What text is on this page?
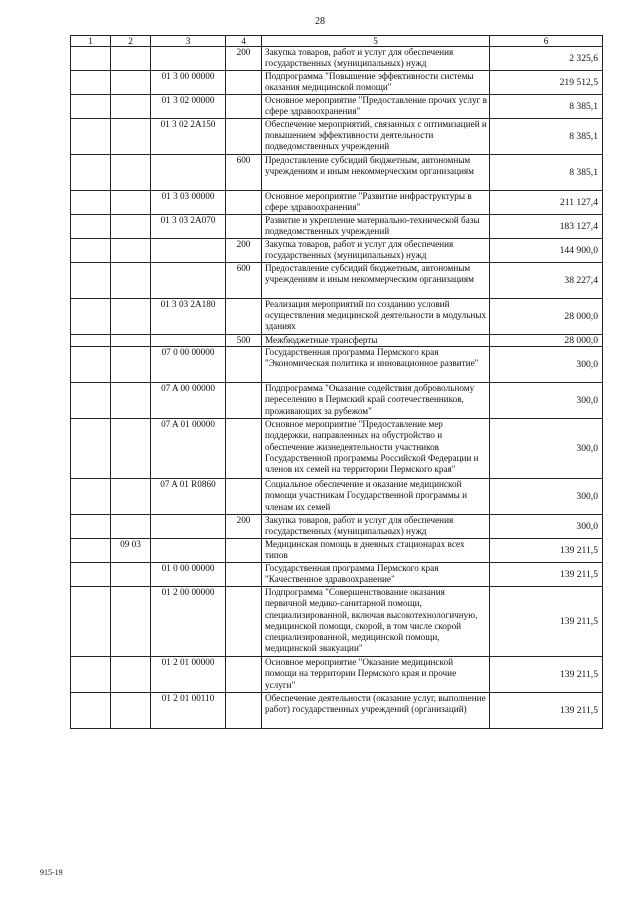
28
1	2	3	4	5	6
			200	Закупка товаров, работ и услуг для обеспечения государственных (муниципальных) нужд	2 325,6
		01 3 00 00000		Подпрограмма "Повышение эффективности системы оказания медицинской помощи"	219 512,5
		01 3 02 00000		Основное мероприятие "Предоставление прочих услуг в сфере здравоохранения"	8 385,1
		01 3 02 2A150		Обеспечение мероприятий, связанных с оптимизацией и повышением эффективности деятельности подведомственных учреждений	8 385,1
			600	Предоставление субсидий бюджетным, автономным учреждениям и иным некоммерческим организациям	8 385,1
		01 3 03 00000		Основное мероприятие "Развитие инфраструктуры в сфере здравоохранения"	211 127,4
		01 3 03 2A070		Развитие и укрепление материально-технической базы подведомственных учреждений	183 127,4
			200	Закупка товаров, работ и услуг для обеспечения государственных (муниципальных) нужд	144 900,0
			600	Предоставление субсидий бюджетным, автономным учреждениям и иным некоммерческим организациям	38 227,4
		01 3 03 2A180		Реализация мероприятий по созданию условий осуществления медицинской деятельности в модульных зданиях	28 000,0
			500	Межбюджетные трансферты	28 000,0
		07 0 00 00000		Государственная программа Пермского края "Экономическая политика и инновационное развитие"	300,0
		07 A 00 00000		Подпрограмма "Оказание содействия добровольному переселению в Пермский край соотечественников, проживающих за рубежом"	300,0
		07 A 01 00000		Основное мероприятие "Предоставление мер поддержки, направленных на обустройство и обеспечение жизнедеятельности участников Государственной программы Российской Федерации и членов их семей на территории Пермского края"	300,0
		07 A 01 R0860		Социальное обеспечение и оказание медицинской помощи участникам Государственной программы и членам их семей	300,0
			200	Закупка товаров, работ и услуг для обеспечения государственных (муниципальных) нужд	300,0
	09 03			Медицинская помощь в дневных стационарах всех типов	139 211,5
		01 0 00 00000		Государственная программа Пермского края "Качественное здравоохранение"	139 211,5
		01 2 00 00000		Подпрограмма "Совершенствование оказания первичной медико-санитарной помощи, специализированной, включая высокотехнологичную, медицинской помощи, скорой, в том числе скорой специализированной, медицинской помощи, медицинской эвакуации"	139 211,5
		01 2 01 00000		Основное мероприятие "Оказание медицинской помощи на территории Пермского края и прочие услуги"	139 211,5
		01 2 01 00110		Обеспечение деятельности (оказание услуг, выполнение работ) государственных учреждений (организаций)	139 211,5
915-19
